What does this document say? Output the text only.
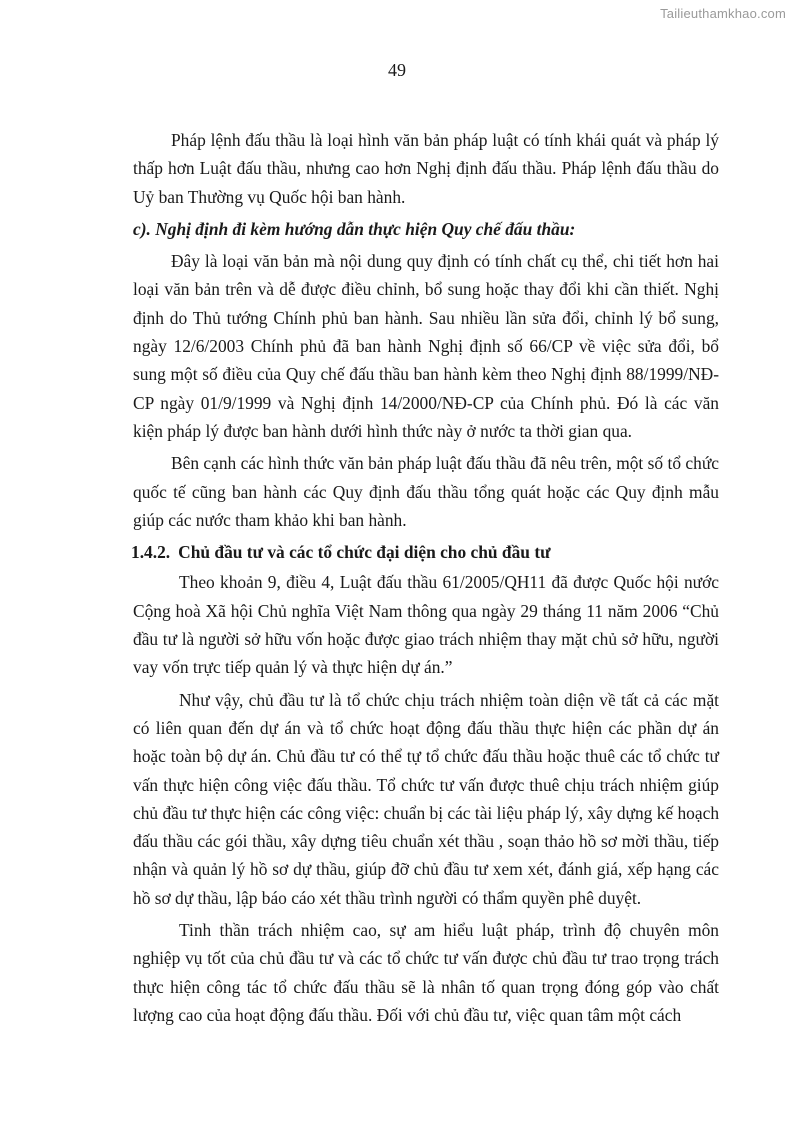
Tailieuthamkhao.com
49

Pháp lệnh đấu thầu là loại hình văn bản pháp luật có tính khái quát và pháp lý thấp hơn Luật đấu thầu, nhưng cao hơn Nghị định đấu thầu. Pháp lệnh đấu thầu do Uỷ ban Thường vụ Quốc hội ban hành.

c). Nghị định đi kèm hướng dẫn thực hiện Quy chế đấu thầu:

Đây là loại văn bản mà nội dung quy định có tính chất cụ thể, chi tiết hơn hai loại văn bản trên và dễ được điều chỉnh, bổ sung hoặc thay đổi khi cần thiết. Nghị định do Thủ tướng Chính phủ ban hành. Sau nhiều lần sửa đổi, chỉnh lý bổ sung, ngày 12/6/2003 Chính phủ đã ban hành Nghị định số 66/CP về việc sửa đổi, bổ sung một số điều của Quy chế đấu thầu ban hành kèm theo Nghị định 88/1999/NĐ-CP ngày 01/9/1999 và Nghị định 14/2000/NĐ-CP của Chính phủ. Đó là các văn kiện pháp lý được ban hành dưới hình thức này ở nước ta thời gian qua.

Bên cạnh các hình thức văn bản pháp luật đấu thầu đã nêu trên, một số tổ chức quốc tế cũng ban hành các Quy định đấu thầu tổng quát hoặc các Quy định mẫu giúp các nước tham khảo khi ban hành.

1.4.2. Chủ đầu tư và các tổ chức đại diện cho chủ đầu tư

Theo khoản 9, điều 4, Luật đấu thầu 61/2005/QH11 đã được Quốc hội nước Cộng hoà Xã hội Chủ nghĩa Việt Nam thông qua ngày 29 tháng 11 năm 2006 “Chủ đầu tư là người sở hữu vốn hoặc được giao trách nhiệm thay mặt chủ sở hữu, người vay vốn trực tiếp quản lý và thực hiện dự án.”

Như vậy, chủ đầu tư là tổ chức chịu trách nhiệm toàn diện về tất cả các mặt có liên quan đến dự án và tổ chức hoạt động đấu thầu thực hiện các phần dự án hoặc toàn bộ dự án. Chủ đầu tư có thể tự tổ chức đấu thầu hoặc thuê các tổ chức tư vấn thực hiện công việc đấu thầu. Tổ chức tư vấn được thuê chịu trách nhiệm giúp chủ đầu tư thực hiện các công việc: chuẩn bị các tài liệu pháp lý, xây dựng kế hoạch đấu thầu các gói thầu, xây dựng tiêu chuẩn xét thầu , soạn thảo hồ sơ mời thầu, tiếp nhận và quản lý hồ sơ dự thầu, giúp đỡ chủ đầu tư xem xét, đánh giá, xếp hạng các hồ sơ dự thầu, lập báo cáo xét thầu trình người có thẩm quyền phê duyệt.

Tinh thần trách nhiệm cao, sự am hiểu luật pháp, trình độ chuyên môn nghiệp vụ tốt của chủ đầu tư và các tổ chức tư vấn được chủ đầu tư trao trọng trách thực hiện công tác tổ chức đấu thầu sẽ là nhân tố quan trọng đóng góp vào chất lượng cao của hoạt động đấu thầu. Đối với chủ đầu tư, việc quan tâm một cách
